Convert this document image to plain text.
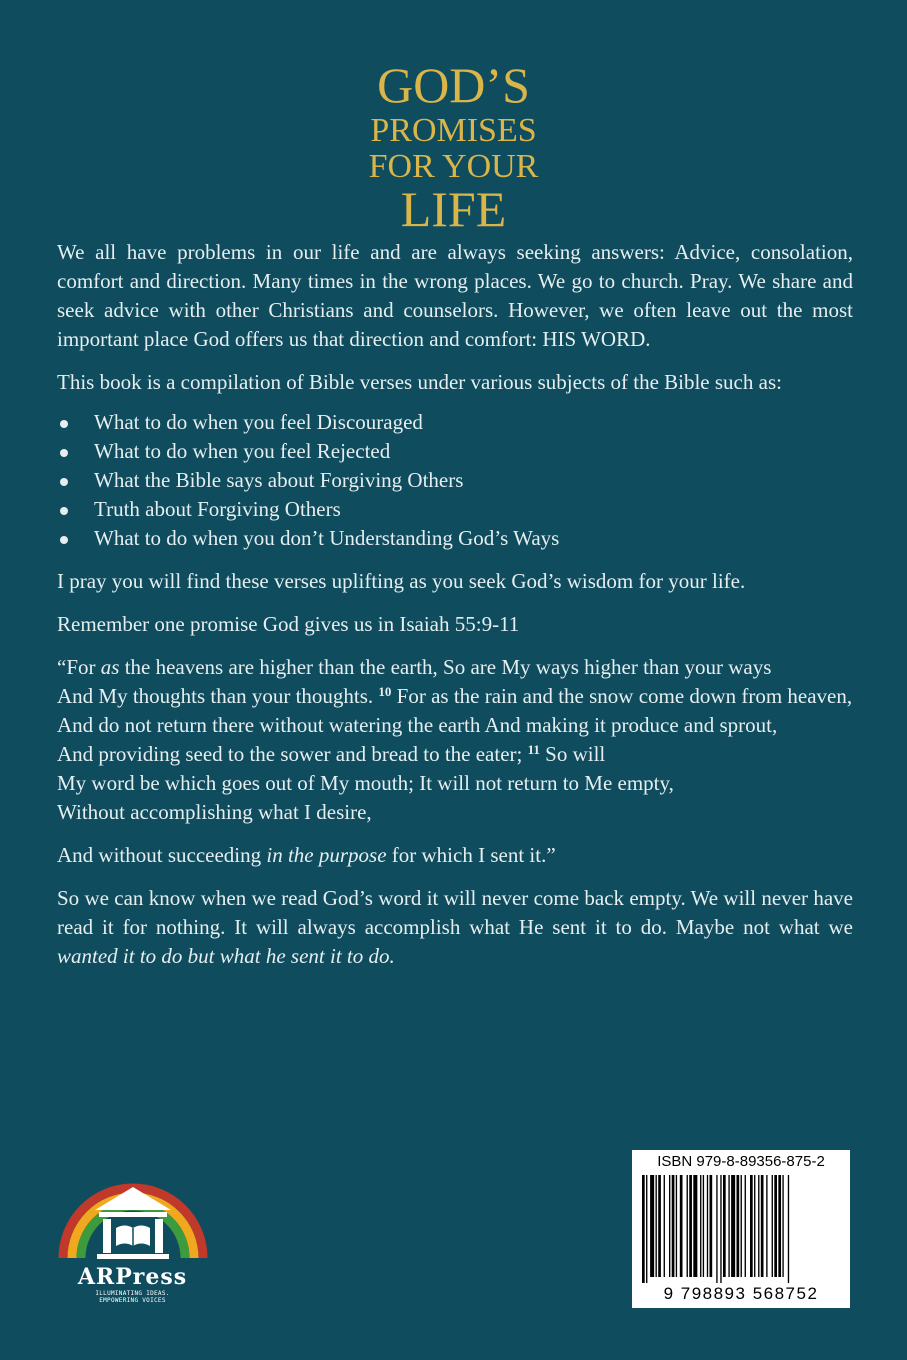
GOD’S
PROMISES
FOR YOUR
LIFE

We all have problems in our life and are always seeking answers: Advice, consolation, comfort and direction. Many times in the wrong places. We go to church. Pray. We share and seek advice with other Christians and counselors. However, we often leave out the most important place God offers us that direction and comfort: HIS WORD.

This book is a compilation of Bible verses under various subjects of the Bible such as:

What to do when you feel Discouraged
What to do when you feel Rejected
What the Bible says about Forgiving Others
Truth about Forgiving Others
What to do when you don’t Understanding God’s Ways

I pray you will find these verses uplifting as you seek God’s wisdom for your life.

Remember one promise God gives us in Isaiah 55:9-11

“For as the heavens are higher than the earth, So are My ways higher than your ways
And My thoughts than your thoughts. $^{10}$ For as the rain and the snow come down from heaven,
And do not return there without watering the earth And making it produce and sprout,
And providing seed to the sower and bread to the eater; $^{11}$ So will
My word be which goes out of My mouth; It will not return to Me empty,
Without accomplishing what I desire,

And without succeeding in the purpose for which I sent it.”

So we can know when we read God’s word it will never come back empty. We will never have read it for nothing. It will always accomplish what He sent it to do. Maybe not what we wanted it to do but what he sent it to do.

ARPress
ILLUMINATING IDEAS.
EMPOWERING VOICES
ISBN 979-8-89356-875-2
9 798893 568752
